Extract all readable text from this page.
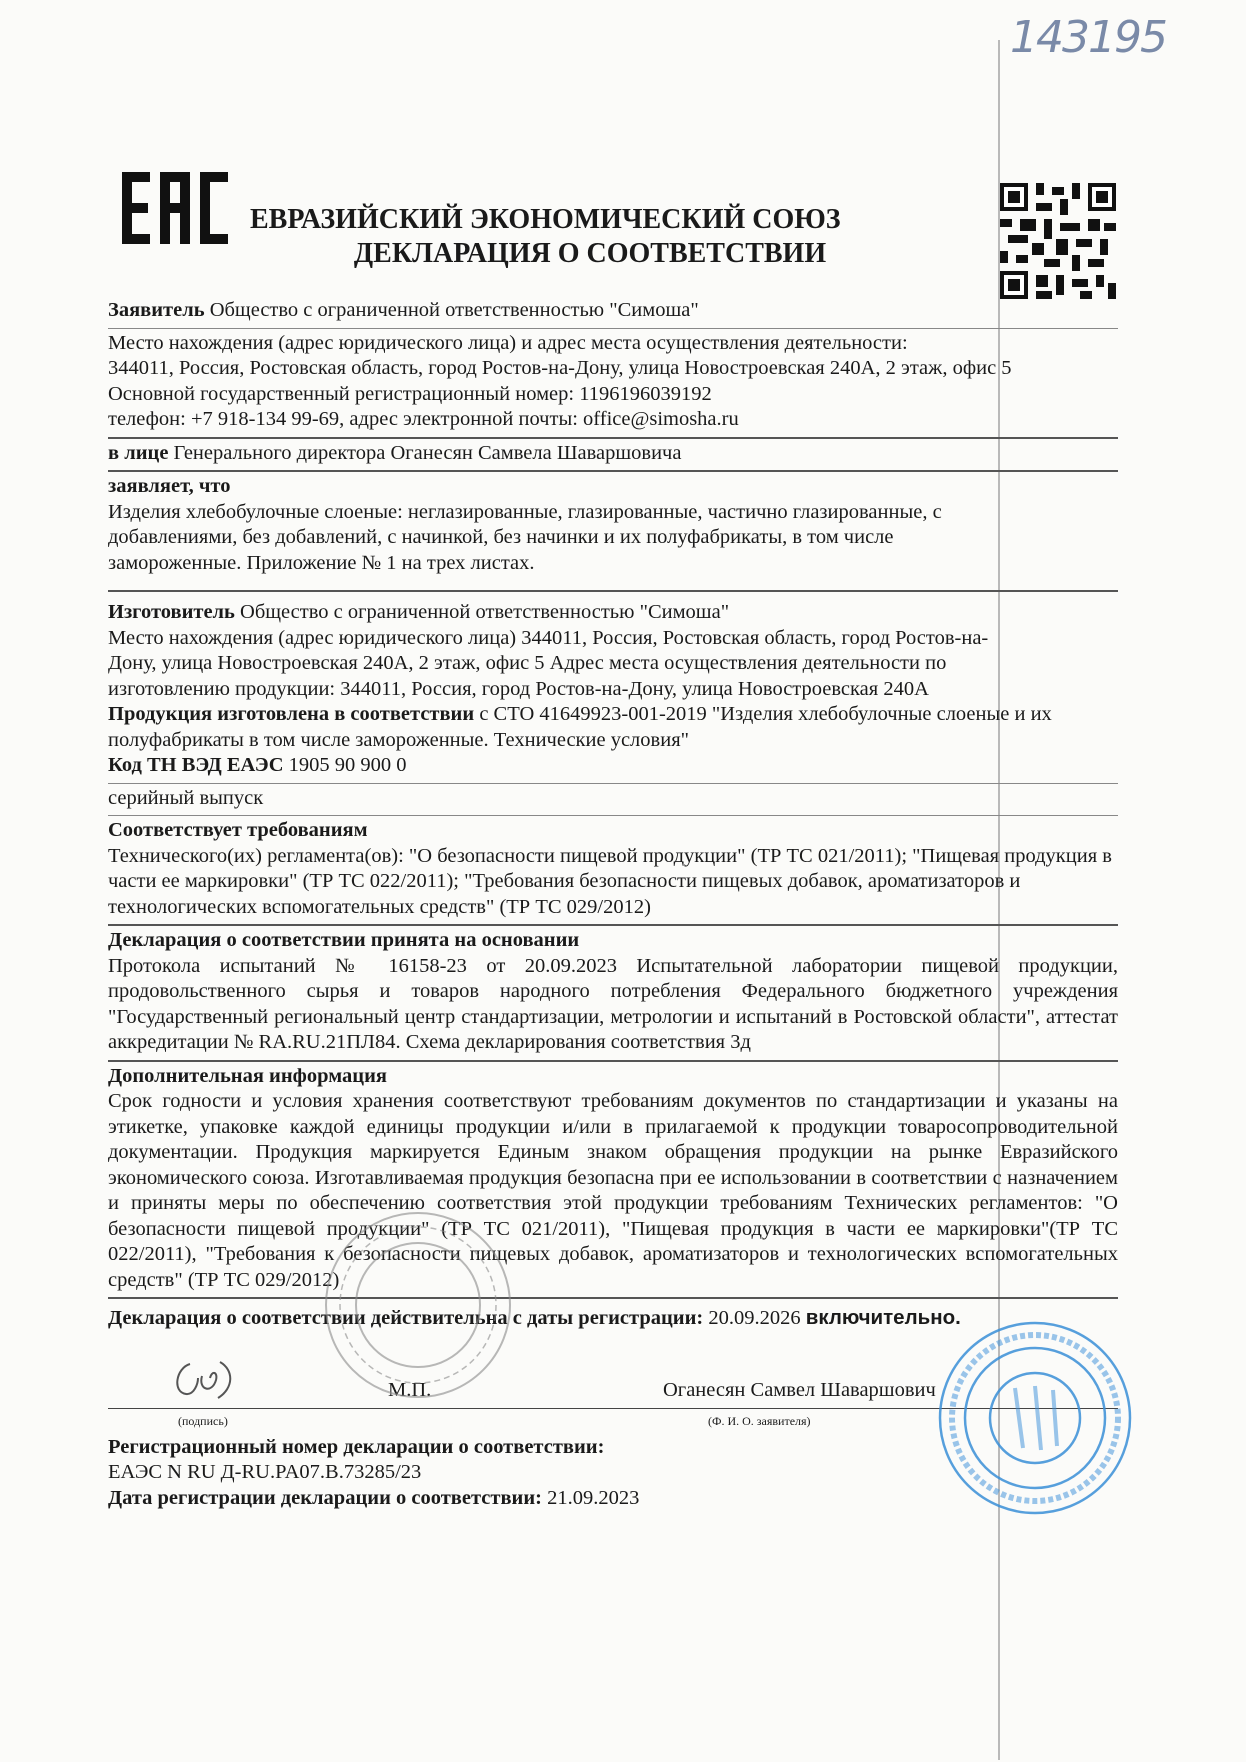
143195
ЕВРАЗИЙСКИЙ ЭКОНОМИЧЕСКИЙ СОЮЗ
ДЕКЛАРАЦИЯ О СООТВЕТСТВИИ
Заявитель Общество с ограниченной ответственностью "Симоша"
Место нахождения (адрес юридического лица) и адрес места осуществления деятельности:
344011, Россия, Ростовская область, город Ростов-на-Дону, улица Новостроевская 240А, 2 этаж, офис 5
Основной государственный регистрационный номер: 1196196039192
телефон: +7 918-134 99-69, адрес электронной почты: office@simosha.ru
в лице Генерального директора Оганесян Самвела Шаваршовича
заявляет, что
Изделия хлебобулочные слоеные: неглазированные, глазированные, частично глазированные, с добавлениями, без добавлений, с начинкой, без начинки и их полуфабрикаты, в том числе замороженные. Приложение № 1 на трех листах.
Изготовитель Общество с ограниченной ответственностью "Симоша"
Место нахождения (адрес юридического лица) 344011, Россия, Ростовская область, город Ростов-на-Дону, улица Новостроевская 240А, 2 этаж, офис 5 Адрес места осуществления деятельности по изготовлению продукции: 344011, Россия, город Ростов-на-Дону, улица Новостроевская 240А
Продукция изготовлена в соответствии с СТО 41649923-001-2019 "Изделия хлебобулочные слоеные и их полуфабрикаты в том числе замороженные. Технические условия"
Код ТН ВЭД ЕАЭС 1905 90 900 0
серийный выпуск
Соответствует требованиям
Технического(их) регламента(ов): "О безопасности пищевой продукции" (ТР ТС 021/2011); "Пищевая продукция в части ее маркировки" (ТР ТС 022/2011); "Требования безопасности пищевых добавок, ароматизаторов и технологических вспомогательных средств" (ТР ТС 029/2012)
Декларация о соответствии принята на основании
Протокола испытаний № 16158-23 от 20.09.2023 Испытательной лаборатории пищевой продукции, продовольственного сырья и товаров народного потребления Федерального бюджетного учреждения "Государственный региональный центр стандартизации, метрологии и испытаний в Ростовской области", аттестат аккредитации № RA.RU.21ПЛ84. Схема декларирования соответствия 3д
Дополнительная информация
Срок годности и условия хранения соответствуют требованиям документов по стандартизации и указаны на этикетке, упаковке каждой единицы продукции и/или в прилагаемой к продукции товаросопроводительной документации. Продукция маркируется Единым знаком обращения продукции на рынке Евразийского экономического союза. Изготавливаемая продукция безопасна при ее использовании в соответствии с назначением и приняты меры по обеспечению соответствия этой продукции требованиям Технических регламентов: "О безопасности пищевой продукции" (ТР ТС 021/2011), "Пищевая продукция в части ее маркировки"(ТР ТС 022/2011), "Требования к безопасности пищевых добавок, ароматизаторов и технологических вспомогательных средств" (ТР ТС 029/2012)
Декларация о соответствии действительна с даты регистрации: 20.09.2026 включительно.
М.П.	Оганесян Самвел Шаваршович
(подпись)	(Ф. И. О. заявителя)
Регистрационный номер декларации о соответствии:
ЕАЭС N RU Д-RU.PA07.B.73285/23
Дата регистрации декларации о соответствии: 21.09.2023
